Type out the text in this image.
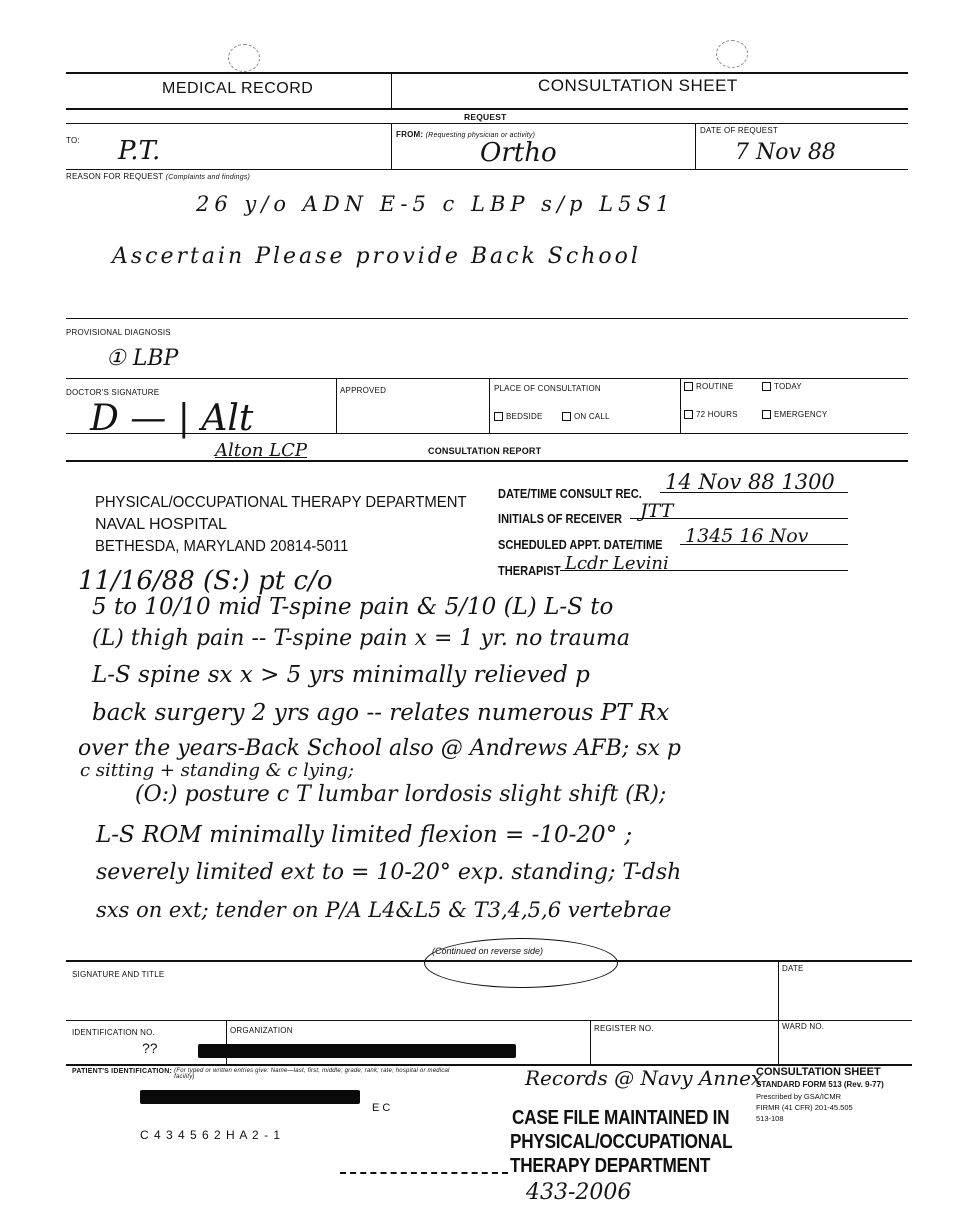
MEDICAL RECORD	CONSULTATION SHEET
REQUEST
TO: P.T.
FROM: (Requesting physician or activity)
Ortho
DATE OF REQUEST
7 Nov 88
REASON FOR REQUEST (Complaints and findings)
26 y/o ADN E-5 c LBP s/p L5S1
Ascertain Please provide Back School
PROVISIONAL DIAGNOSIS
① LBP
DOCTOR'S SIGNATURE	APPROVED	PLACE OF CONSULTATION
BEDSIDE	ON CALL
ROUTINE	TODAY
72 HOURS	EMERGENCY
D — | Alt
Alton LCP	CONSULTATION REPORT
PHYSICAL/OCCUPATIONAL THERAPY DEPARTMENT
NAVAL HOSPITAL
BETHESDA, MARYLAND 20814-5011
DATE/TIME CONSULT REC. 14 Nov 88 1300
INITIALS OF RECEIVER JTT
SCHEDULED APPT. DATE/TIME 1345 16 Nov
THERAPIST Lcdr Levini
11/16/88 (S:) pt c/o
5 to 10/10 mid T-spine pain & 5/10 (L) L-S to
(L) thigh pain -- T-spine pain x = 1 yr. no trauma
L-S spine sx x > 5 yrs minimally relieved p
back surgery 2 yrs ago -- relates numerous PT Rx
over the years-Back School also @ Andrews AFB; sx p
c sitting + standing & c lying;
(O:) posture c T lumbar lordosis slight shift (R);
L-S ROM minimally limited flexion = -10-20° ;
severely limited ext to = 10-20° exp. standing; T-dsh
sxs on ext; tender on P/A L4&L5 & T3,4,5,6 vertebrae
(Continued on reverse side)
SIGNATURE AND TITLE
DATE
IDENTIFICATION NO.
??
ORGANIZATION	REGISTER NO.	WARD NO.
PATIENT'S IDENTIFICATION: (For typed or written entries give: Name—last, first, middle; grade; rank; rate; hospital or medical facility)
E C
C 4 3 4 5 6 2 H A 2 - 1
Records @ Navy Annex
CASE FILE MAINTAINED IN
PHYSICAL/OCCUPATIONAL
THERAPY DEPARTMENT
433-2006
CONSULTATION SHEET
STANDARD FORM 513 (Rev. 9-77)
Prescribed by GSA/ICMR
FIRMR (41 CFR) 201-45.505
513-108
